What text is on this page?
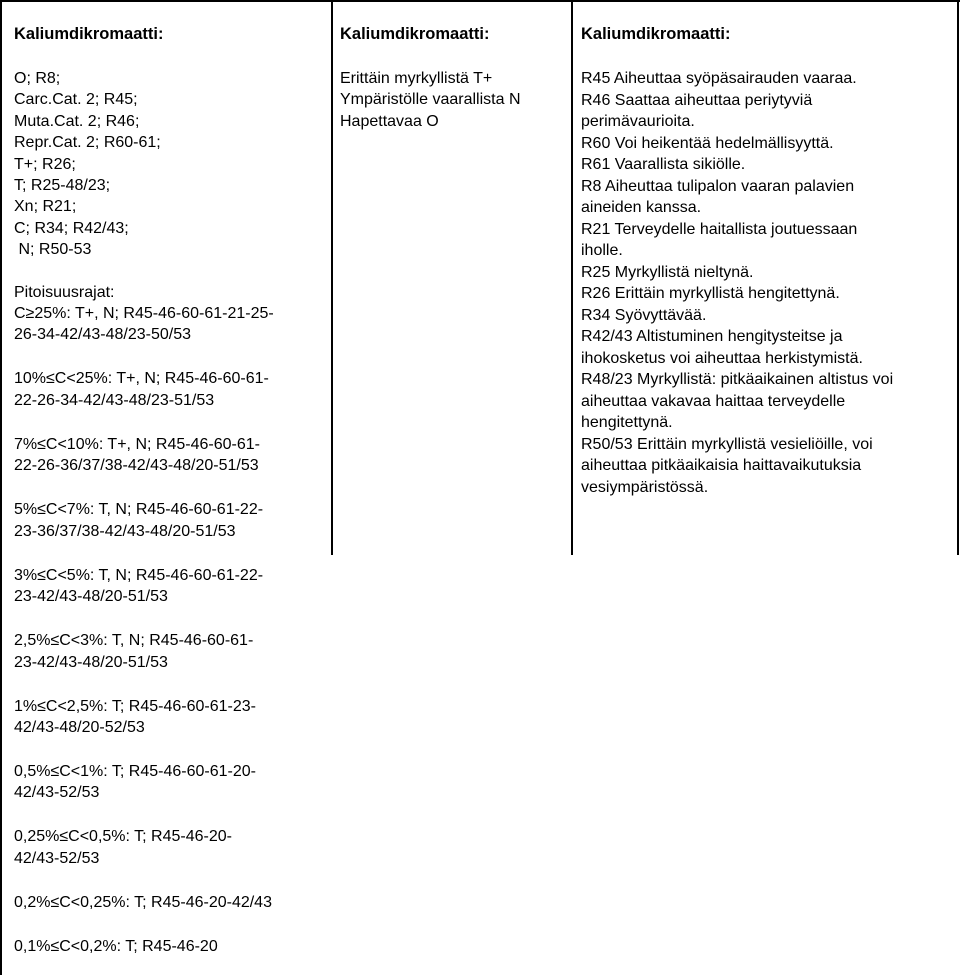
Kaliumdikromaatti:
O; R8;
Carc.Cat. 2; R45;
Muta.Cat. 2; R46;
Repr.Cat. 2; R60-61;
T+; R26;
T; R25-48/23;
Xn; R21;
C; R34; R42/43;
N; R50-53
Pitoisuusrajat:
C≥25%: T+, N; R45-46-60-61-21-25-
26-34-42/43-48/23-50/53
10%≤C<25%: T+, N; R45-46-60-61-
22-26-34-42/43-48/23-51/53
7%≤C<10%: T+, N; R45-46-60-61-
22-26-36/37/38-42/43-48/20-51/53
5%≤C<7%: T, N; R45-46-60-61-22-
23-36/37/38-42/43-48/20-51/53
3%≤C<5%: T, N; R45-46-60-61-22-
23-42/43-48/20-51/53
2,5%≤C<3%: T, N; R45-46-60-61-
23-42/43-48/20-51/53
1%≤C<2,5%: T; R45-46-60-61-23-
42/43-48/20-52/53
0,5%≤C<1%: T; R45-46-60-61-20-
42/43-52/53
0,25%≤C<0,5%: T; R45-46-20-
42/43-52/53
0,2%≤C<0,25%: T; R45-46-20-42/43
0,1%≤C<0,2%: T; R45-46-20
Kaliumdikromaatti:
Erittäin myrkyllistä T+
Ympäristölle vaarallista N
Hapettavaa O
Kaliumdikromaatti:
R45 Aiheuttaa syöpäsairauden vaaraa.
R46 Saattaa aiheuttaa periytyviä
perimävaurioita.
R60 Voi heikentää hedelmällisyyttä.
R61 Vaarallista sikiölle.
R8 Aiheuttaa tulipalon vaaran palavien
aineiden kanssa.
R21 Terveydelle haitallista joutuessaan
iholle.
R25 Myrkyllistä nieltynä.
R26 Erittäin myrkyllistä hengitettynä.
R34 Syövyttävää.
R42/43 Altistuminen hengitysteitse ja
ihokosketus voi aiheuttaa herkistymistä.
R48/23 Myrkyllistä: pitkäaikainen altistus voi
aiheuttaa vakavaa haittaa terveydelle
hengitettynä.
R50/53 Erittäin myrkyllistä vesieliöille, voi
aiheuttaa pitkäaikaisia haittavaikutuksia
vesiympäristössä.
